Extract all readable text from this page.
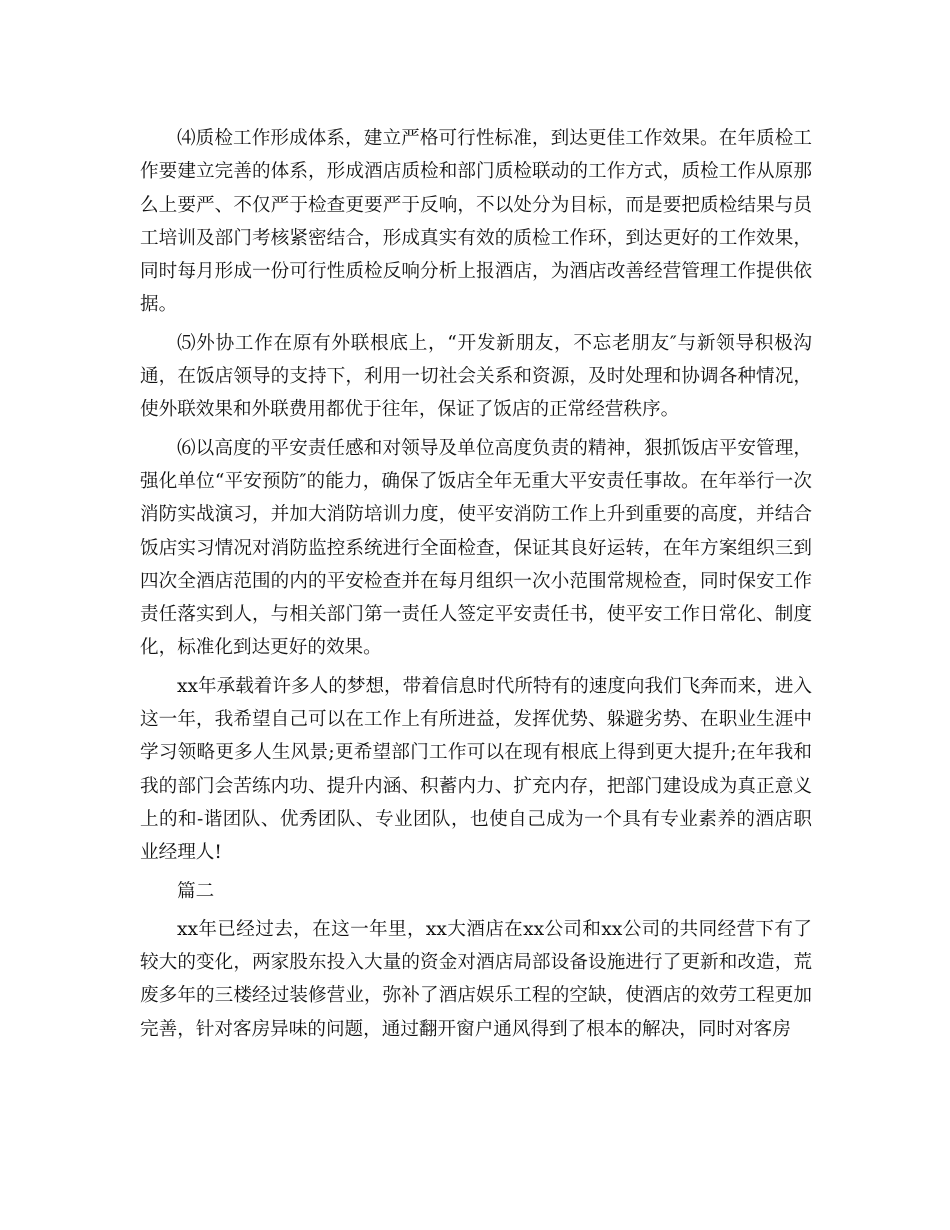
⑷质检工作形成体系，建立严格可行性标准，到达更佳工作效果。在年质检工作要建立完善的体系，形成酒店质检和部门质检联动的工作方式，质检工作从原那么上要严、不仅严于检查更要严于反响，不以处分为目标，而是要把质检结果与员工培训及部门考核紧密结合，形成真实有效的质检工作环，到达更好的工作效果，同时每月形成一份可行性质检反响分析上报酒店，为酒店改善经营管理工作提供依据。

⑸外协工作在原有外联根底上，“开发新朋友，不忘老朋友″与新领导积极沟通，在饭店领导的支持下，利用一切社会关系和资源，及时处理和协调各种情况，使外联效果和外联费用都优于往年，保证了饭店的正常经营秩序。

⑹以高度的平安责任感和对领导及单位高度负责的精神，狠抓饭店平安管理，强化单位“平安预防″的能力，确保了饭店全年无重大平安责任事故。在年举行一次消防实战演习，并加大消防培训力度，使平安消防工作上升到重要的高度，并结合饭店实习情况对消防监控系统进行全面检查，保证其良好运转，在年方案组织三到四次全酒店范围的内的平安检查并在每月组织一次小范围常规检查，同时保安工作责任落实到人，与相关部门第一责任人签定平安责任书，使平安工作日常化、制度化，标准化到达更好的效果。

xx年承载着许多人的梦想，带着信息时代所特有的速度向我们飞奔而来，进入这一年，我希望自己可以在工作上有所进益，发挥优势、躲避劣势、在职业生涯中学习领略更多人生风景;更希望部门工作可以在现有根底上得到更大提升;在年我和我的部门会苦练内功、提升内涵、积蓄内力、扩充内存，把部门建设成为真正意义上的和-谐团队、优秀团队、专业团队，也使自己成为一个具有专业素养的酒店职业经理人!

篇二

xx年已经过去，在这一年里，xx大酒店在xx公司和xx公司的共同经营下有了较大的变化，两家股东投入大量的资金对酒店局部设备设施进行了更新和改造，荒废多年的三楼经过装修营业，弥补了酒店娱乐工程的空缺，使酒店的效劳工程更加完善，针对客房异味的问题，通过翻开窗户通风得到了根本的解决，同时对客房
